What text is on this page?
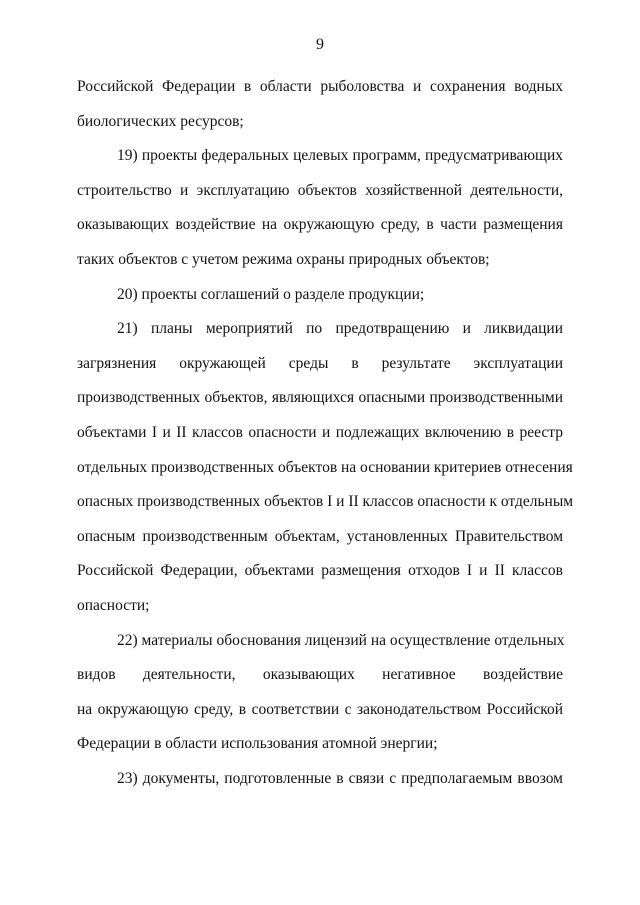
9
Российской Федерации в области рыболовства и сохранения водных
биологических ресурсов;
19) проекты федеральных целевых программ, предусматривающих
строительство и эксплуатацию объектов хозяйственной деятельности,
оказывающих воздействие на окружающую среду, в части размещения
таких объектов с учетом режима охраны природных объектов;
20) проекты соглашений о разделе продукции;
21) планы мероприятий по предотвращению и ликвидации
загрязнения окружающей среды в результате эксплуатации
производственных объектов, являющихся опасными производственными
объектами I и II классов опасности и подлежащих включению в реестр
отдельных производственных объектов на основании критериев отнесения
опасных производственных объектов I и II классов опасности к отдельным
опасным производственным объектам, установленных Правительством
Российской Федерации, объектами размещения отходов I и II классов
опасности;
22) материалы обоснования лицензий на осуществление отдельных
видов деятельности, оказывающих негативное воздействие
на окружающую среду, в соответствии с законодательством Российской
Федерации в области использования атомной энергии;
23) документы, подготовленные в связи с предполагаемым ввозом
